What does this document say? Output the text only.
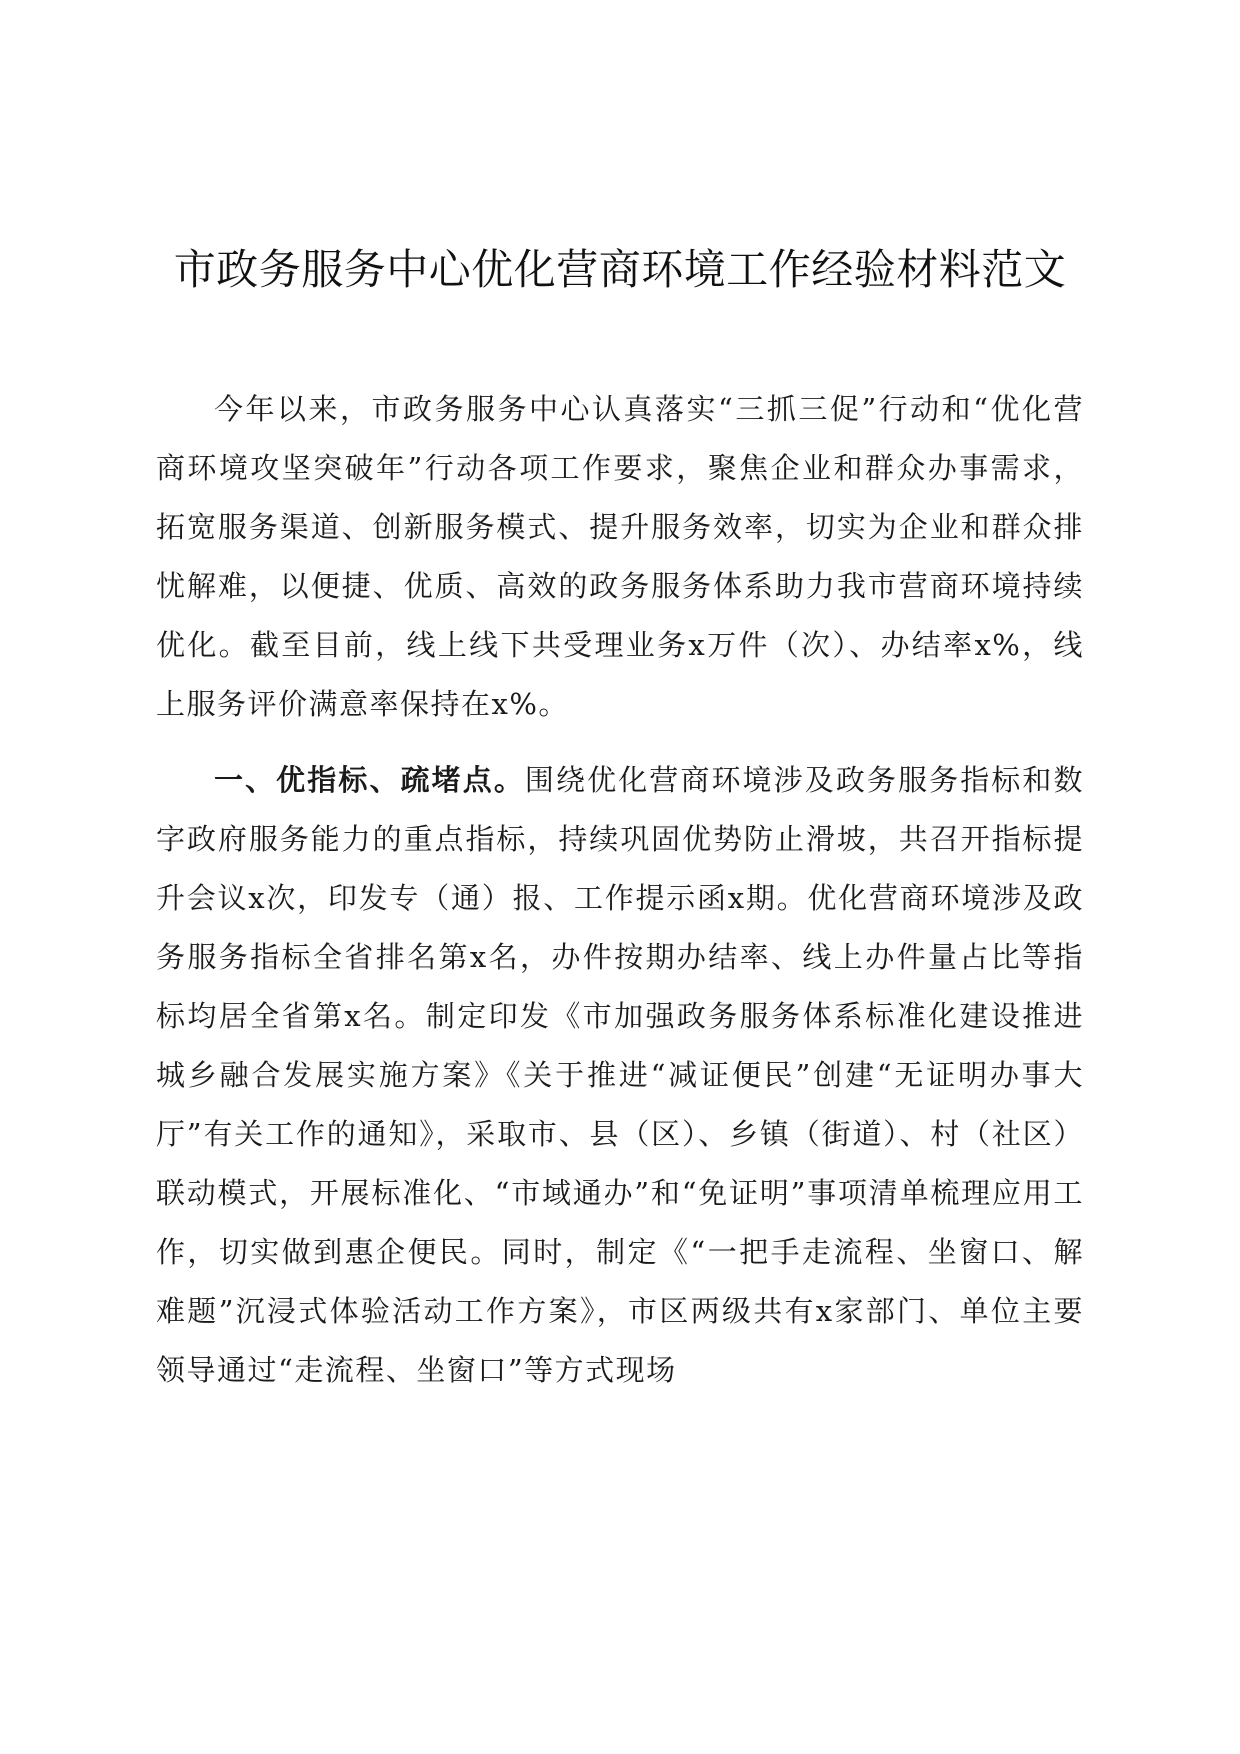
市政务服务中心优化营商环境工作经验材料范文

今年以来，市政务服务中心认真落实“三抓三促”行动和“优化营商环境攻坚突破年”行动各项工作要求，聚焦企业和群众办事需求，拓宽服务渠道、创新服务模式、提升服务效率，切实为企业和群众排忧解难，以便捷、优质、高效的政务服务体系助力我市营商环境持续优化。截至目前，线上线下共受理业务x万件（次）、办结率x%，线上服务评价满意率保持在x%。

一、优指标、疏堵点。围绕优化营商环境涉及政务服务指标和数字政府服务能力的重点指标，持续巩固优势防止滑坡，共召开指标提升会议x次，印发专（通）报、工作提示函x期。优化营商环境涉及政务服务指标全省排名第x名，办件按期办结率、线上办件量占比等指标均居全省第x名。制定印发《市加强政务服务体系标准化建设推进城乡融合发展实施方案》《关于推进“减证便民”创建“无证明办事大厅”有关工作的通知》，采取市、县（区）、乡镇（街道）、村（社区）联动模式，开展标准化、“市域通办”和“免证明”事项清单梳理应用工作，切实做到惠企便民。同时，制定《“一把手走流程、坐窗口、解难题”沉浸式体验活动工作方案》，市区两级共有x家部门、单位主要领导通过“走流程、坐窗口”等方式现场
